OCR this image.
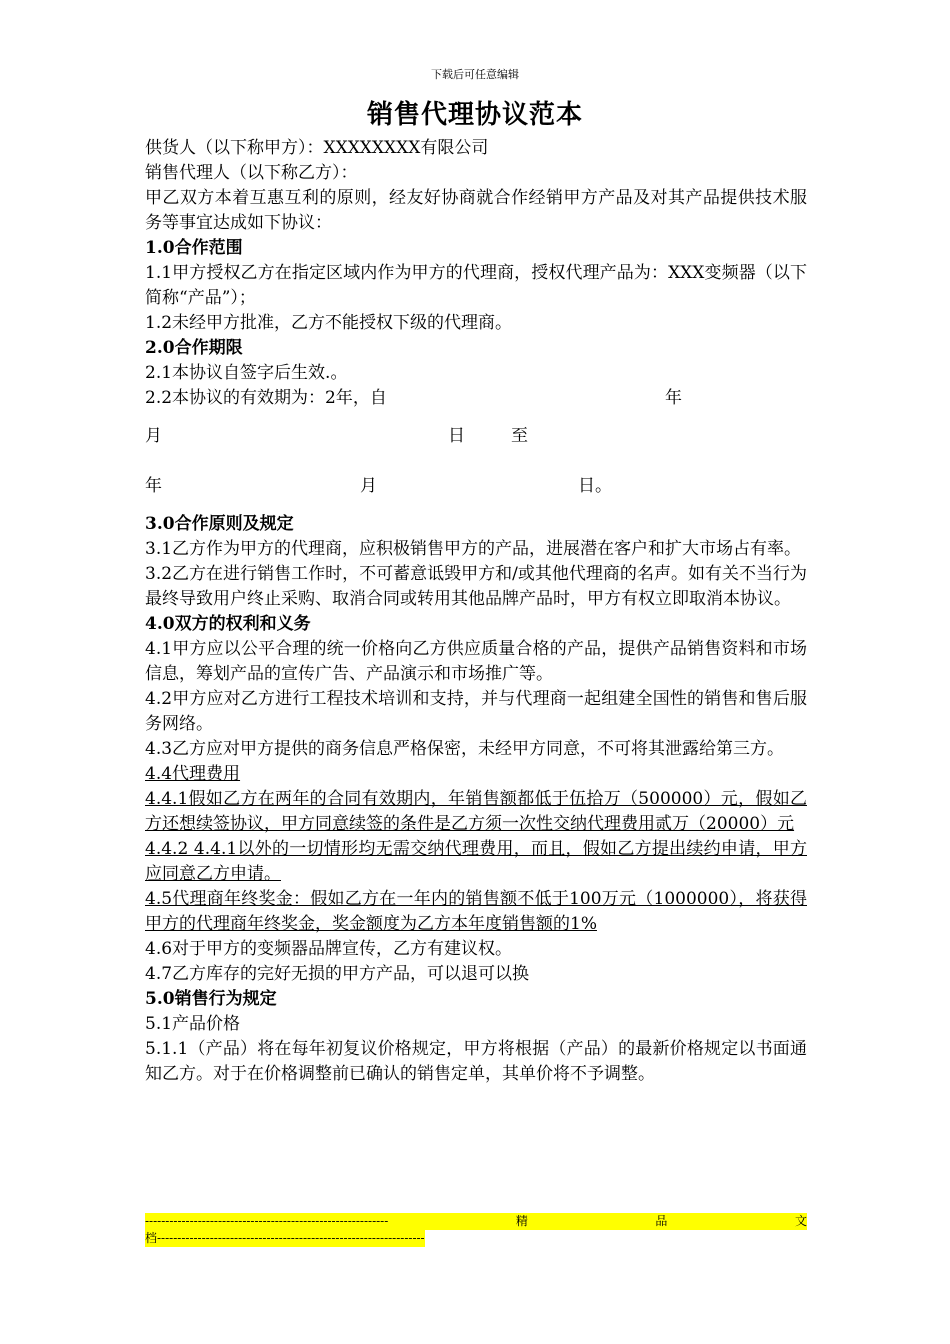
下载后可任意编辑
销售代理协议范本

供货人（以下称甲方）：XXXXXXXX有限公司

销售代理人（以下称乙方）：

甲乙双方本着互惠互利的原则，经友好协商就合作经销甲方产品及对其产品提供技术服务等事宜达成如下协议：

1.0合作范围

1.1甲方授权乙方在指定区域内作为甲方的代理商，授权代理产品为：XXX变频器（以下简称“产品”）；

1.2未经甲方批准，乙方不能授权下级的代理商。

2.0合作期限

2.1本协议自签字后生效.。

2.2本协议的有效期为：2年，自	年
月	日	至
年	月	日。

3.0合作原则及规定

3.1乙方作为甲方的代理商，应积极销售甲方的产品，进展潜在客户和扩大市场占有率。

3.2乙方在进行销售工作时，不可蓄意诋毁甲方和/或其他代理商的名声。如有关不当行为最终导致用户终止采购、取消合同或转用其他品牌产品时，甲方有权立即取消本协议。

4.0双方的权利和义务

4.1甲方应以公平合理的统一价格向乙方供应质量合格的产品，提供产品销售资料和市场信息，筹划产品的宣传广告、产品演示和市场推广等。

4.2甲方应对乙方进行工程技术培训和支持，并与代理商一起组建全国性的销售和售后服务网络。

4.3乙方应对甲方提供的商务信息严格保密，未经甲方同意，不可将其泄露给第三方。

4.4代理费用

4.4.1假如乙方在两年的合同有效期内，年销售额都低于伍拾万（500000）元，假如乙方还想续签协议，甲方同意续签的条件是乙方须一次性交纳代理费用贰万（20000）元

4.4.2 4.4.1以外的一切情形均无需交纳代理费用，而且，假如乙方提出续约申请，甲方应同意乙方申请。

4.5代理商年终奖金：假如乙方在一年内的销售额不低于100万元（1000000），将获得甲方的代理商年终奖金，奖金额度为乙方本年度销售额的1%

4.6对于甲方的变频器品牌宣传，乙方有建议权。

4.7乙方库存的完好无损的甲方产品，可以退可以换

5.0销售行为规定

5.1产品价格

5.1.1（产品）将在每年初复议价格规定，甲方将根据（产品）的最新价格规定以书面通知乙方。对于在价格调整前已确认的销售定单，其单价将不予调整。

------------------------------------------------------------	精	品	文
档------------------------------------------------------------------
